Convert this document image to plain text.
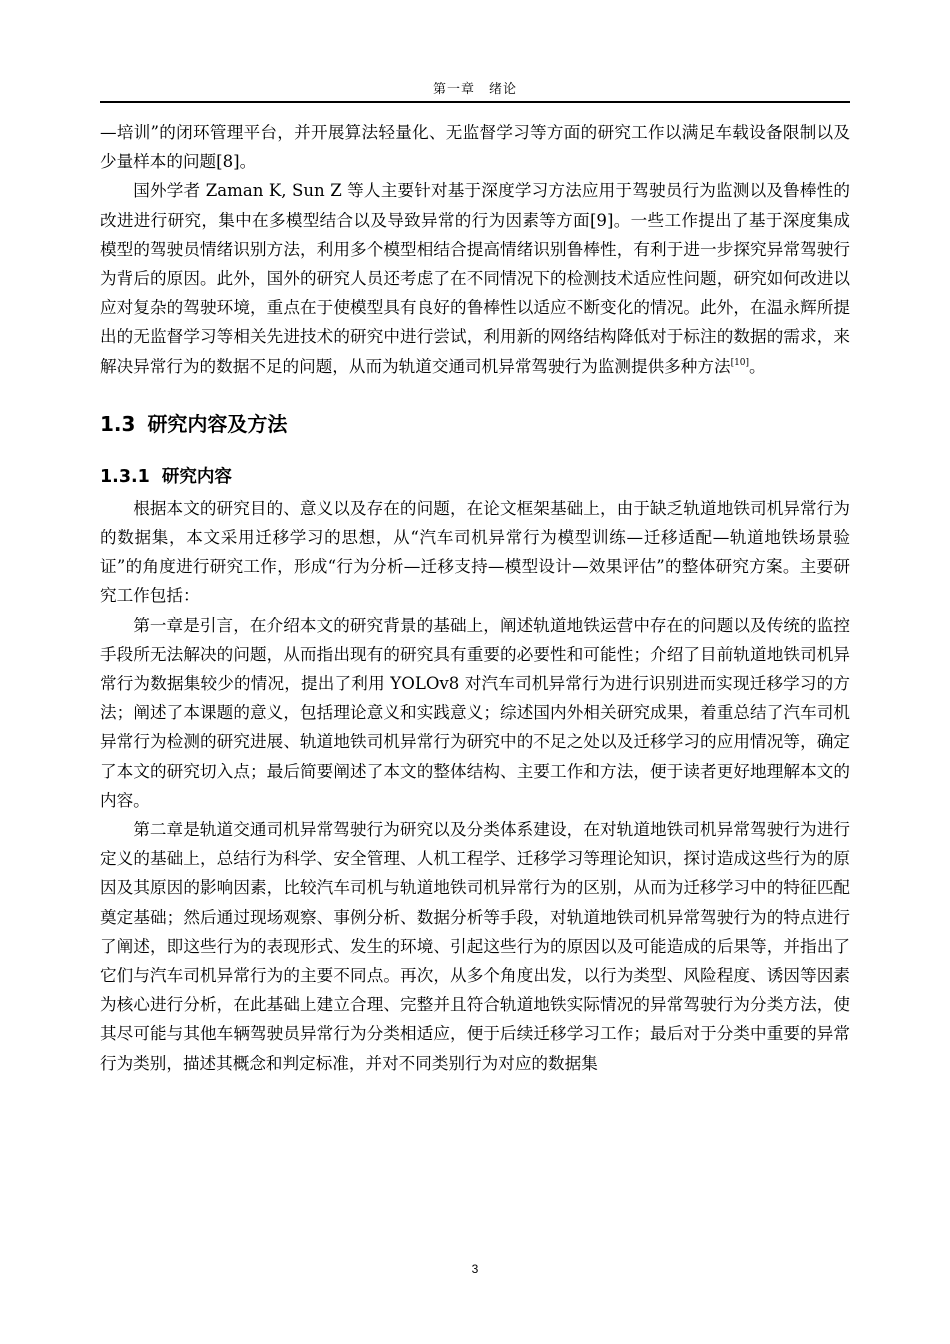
第一章　绪论

—培训”的闭环管理平台，并开展算法轻量化、无监督学习等方面的研究工作以满足车载设备限制以及少量样本的问题[8]。

国外学者 Zaman K, Sun Z 等人主要针对基于深度学习方法应用于驾驶员行为监测以及鲁棒性的改进进行研究，集中在多模型结合以及导致异常的行为因素等方面[9]。一些工作提出了基于深度集成模型的驾驶员情绪识别方法，利用多个模型相结合提高情绪识别鲁棒性，有利于进一步探究异常驾驶行为背后的原因。此外，国外的研究人员还考虑了在不同情况下的检测技术适应性问题，研究如何改进以应对复杂的驾驶环境，重点在于使模型具有良好的鲁棒性以适应不断变化的情况。此外，在温永辉所提出的无监督学习等相关先进技术的研究中进行尝试，利用新的网络结构降低对于标注的数据的需求，来解决异常行为的数据不足的问题，从而为轨道交通司机异常驾驶行为监测提供多种方法[10]。

1.3 研究内容及方法
1.3.1 研究内容

根据本文的研究目的、意义以及存在的问题，在论文框架基础上，由于缺乏轨道地铁司机异常行为的数据集，本文采用迁移学习的思想，从“汽车司机异常行为模型训练—迁移适配—轨道地铁场景验证”的角度进行研究工作，形成“行为分析—迁移支持—模型设计—效果评估”的整体研究方案。主要研究工作包括：

第一章是引言，在介绍本文的研究背景的基础上，阐述轨道地铁运营中存在的问题以及传统的监控手段所无法解决的问题，从而指出现有的研究具有重要的必要性和可能性；介绍了目前轨道地铁司机异常行为数据集较少的情况，提出了利用 YOLOv8 对汽车司机异常行为进行识别进而实现迁移学习的方法；阐述了本课题的意义，包括理论意义和实践意义；综述国内外相关研究成果，着重总结了汽车司机异常行为检测的研究进展、轨道地铁司机异常行为研究中的不足之处以及迁移学习的应用情况等，确定了本文的研究切入点；最后简要阐述了本文的整体结构、主要工作和方法，便于读者更好地理解本文的内容。

第二章是轨道交通司机异常驾驶行为研究以及分类体系建设，在对轨道地铁司机异常驾驶行为进行定义的基础上，总结行为科学、安全管理、人机工程学、迁移学习等理论知识，探讨造成这些行为的原因及其原因的影响因素，比较汽车司机与轨道地铁司机异常行为的区别，从而为迁移学习中的特征匹配奠定基础；然后通过现场观察、事例分析、数据分析等手段，对轨道地铁司机异常驾驶行为的特点进行了阐述，即这些行为的表现形式、发生的环境、引起这些行为的原因以及可能造成的后果等，并指出了它们与汽车司机异常行为的主要不同点。再次，从多个角度出发，以行为类型、风险程度、诱因等因素为核心进行分析，在此基础上建立合理、完整并且符合轨道地铁实际情况的异常驾驶行为分类方法，使其尽可能与其他车辆驾驶员异常行为分类相适应，便于后续迁移学习工作；最后对于分类中重要的异常行为类别，描述其概念和判定标准，并对不同类别行为对应的数据集

3
